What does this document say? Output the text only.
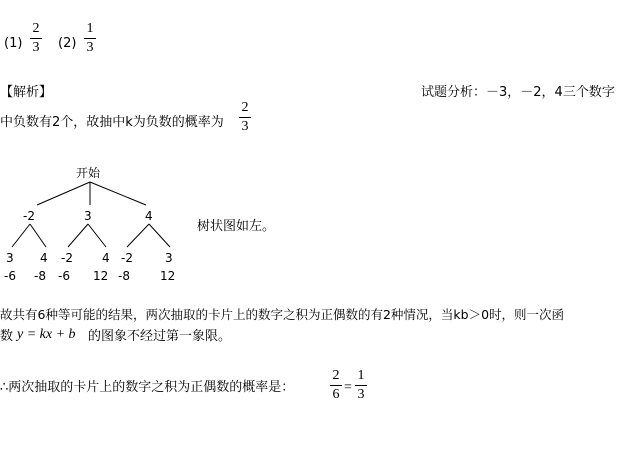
(1)
2
3 (2)
1
3
【解析】	试题分析：－3，－2，4三个数字
中负数有2个，故抽中k为负数的概率为
2
3
开始
-2	3	4
3 4 -2 4 -2	3
-6 -8 -6 12 -8	12
树状图如左。
故共有6种等可能的结果，两次抽取的卡片上的数字之积为正偶数的有2种情况，当kb＞0时，则一次函
数 y = kx + b 的图象不经过第一象限。
∴两次抽取的卡片上的数字之积为正偶数的概率是：
2
6 =
1
3
